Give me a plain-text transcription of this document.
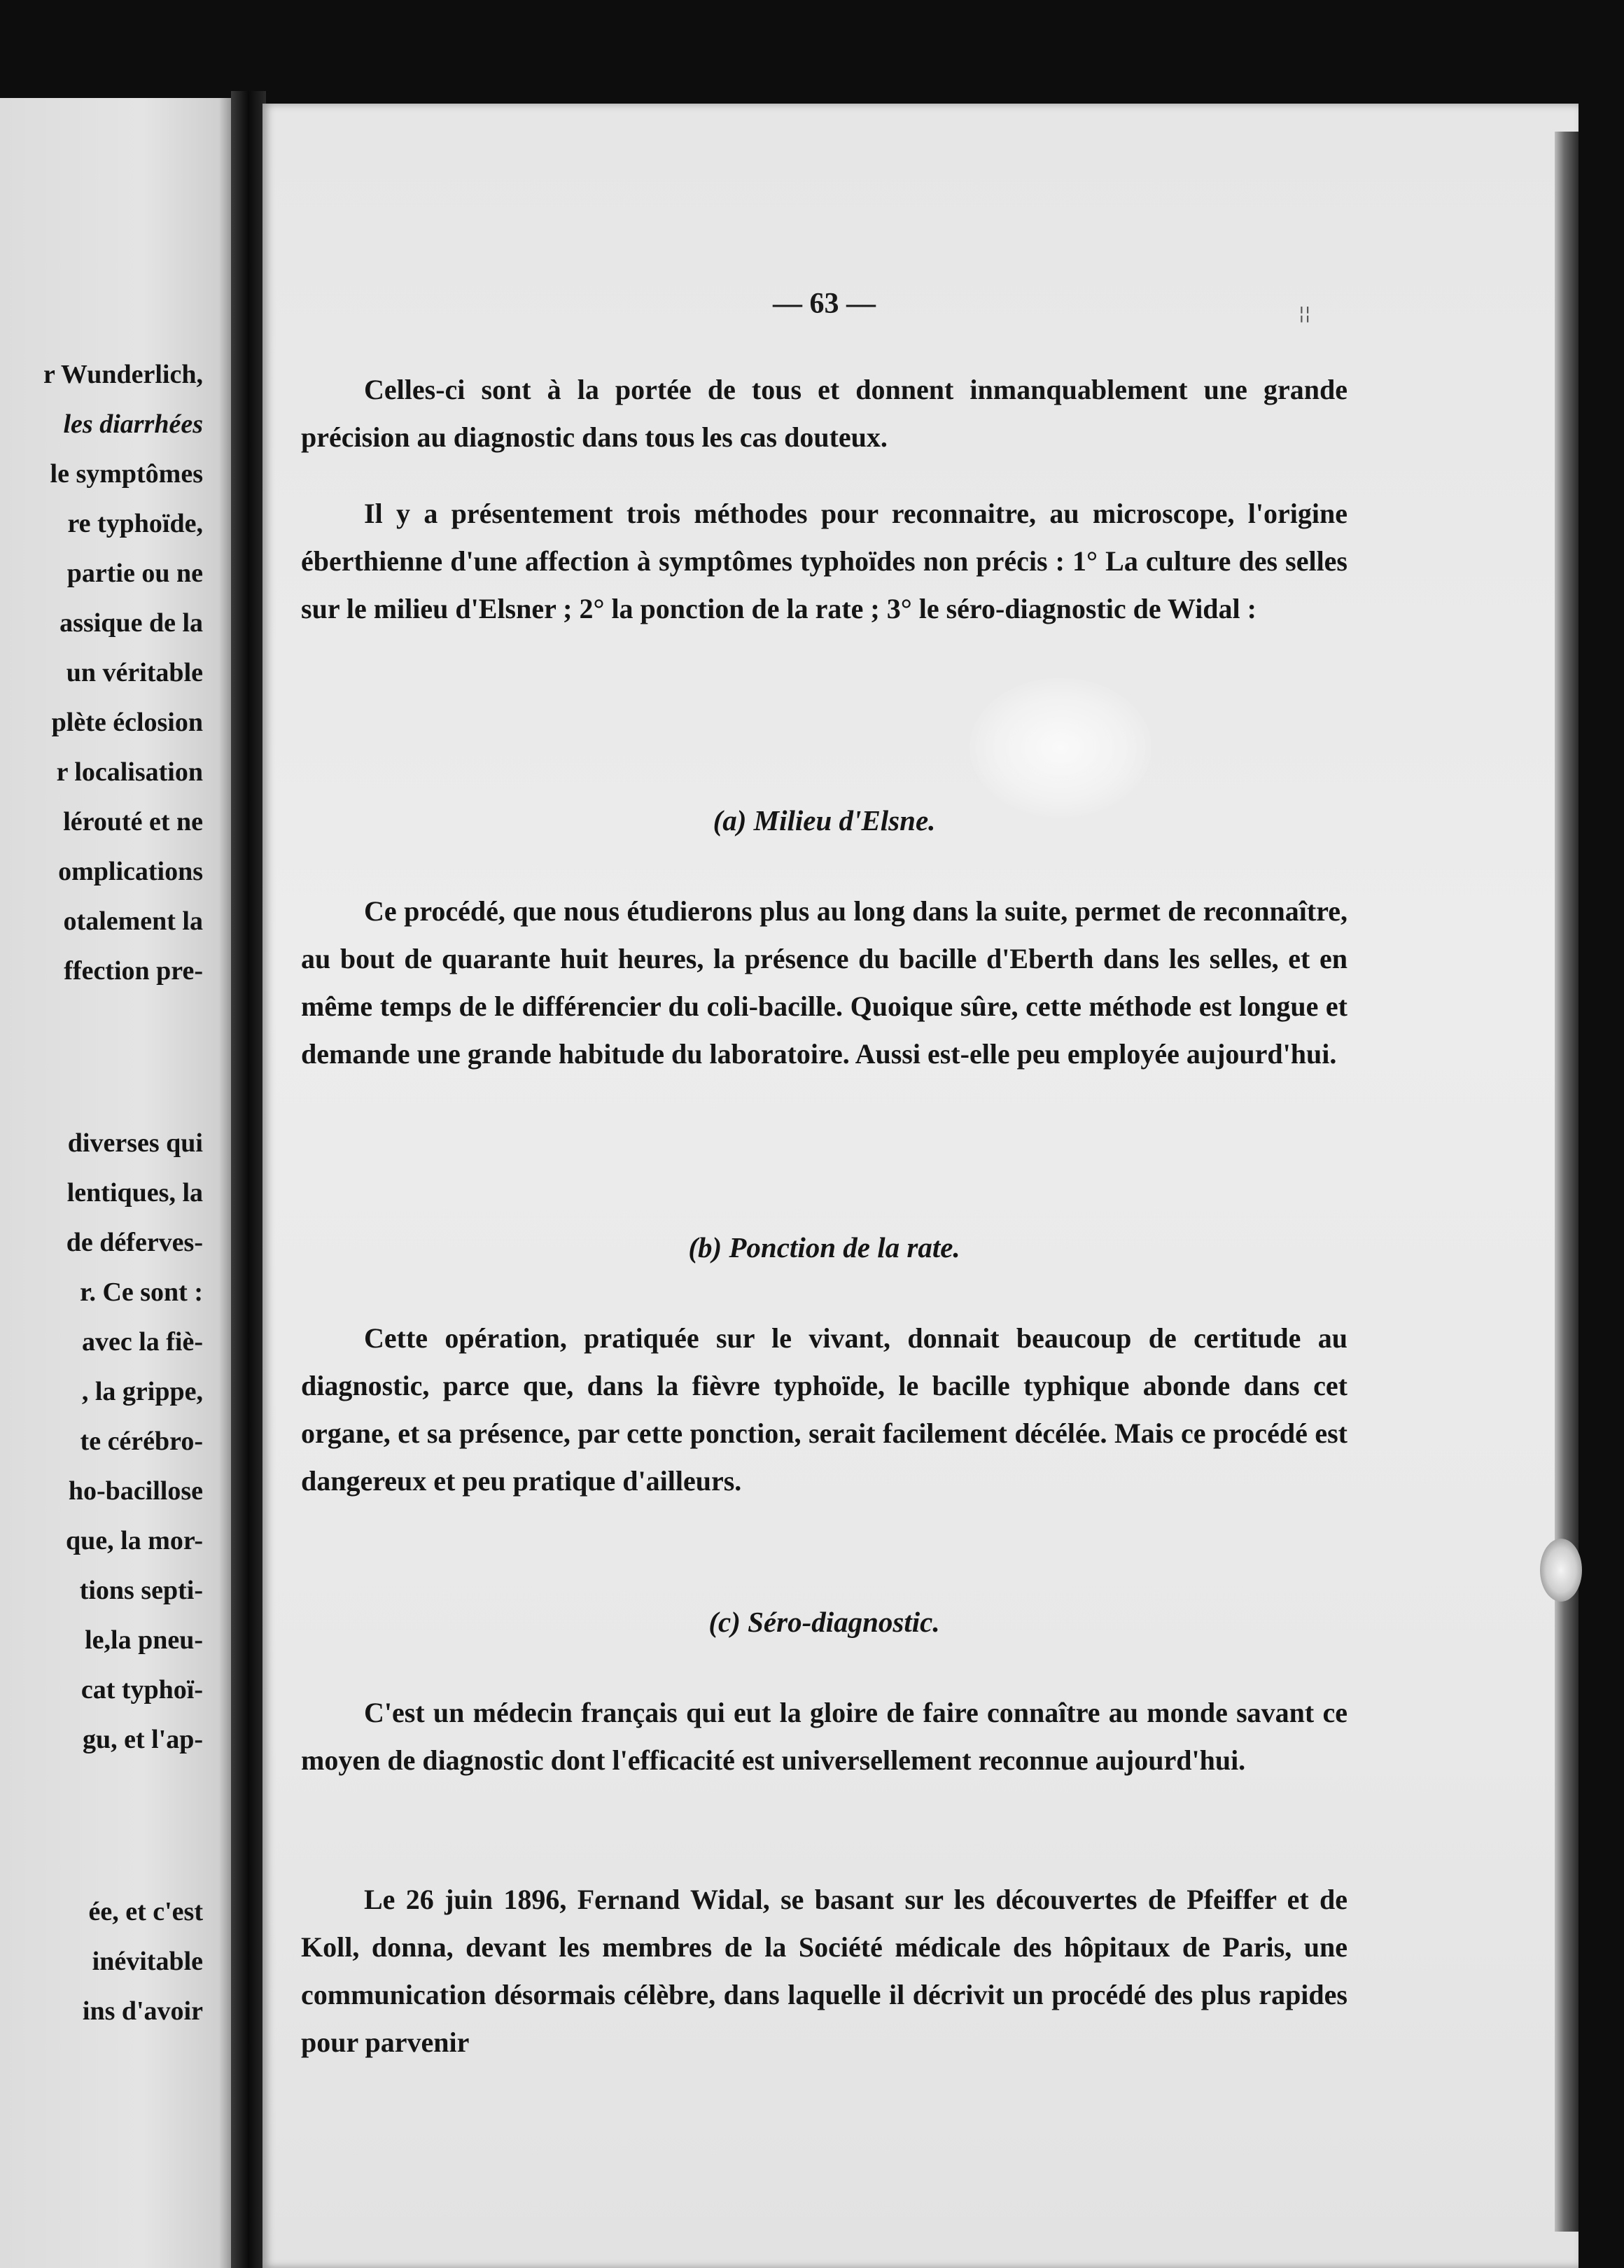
r Wunderlich,
les diarrhées
le symptômes
re typhoïde,
partie ou ne
assique de la
un véritable
plète éclosion
r localisation
lérouté et ne
omplications
otalement la
ffection pre-
diverses qui
lentiques, la
de déferves-
r. Ce sont :
avec la fiè-
, la grippe,
te cérébro-
ho-bacillose
que, la mor-
tions septi-
le,la pneu-
cat typhoï-
gu, et l'ap-
ée, et c'est
inévitable
ins d'avoir
¦¦
— 63 —
Celles-ci sont à la portée de tous et donnent inmanquablement une grande précision au diagnostic dans tous les cas douteux.
Il y a présentement trois méthodes pour reconnaitre, au microscope, l'origine éberthienne d'une affection à symptômes typhoïdes non précis : 1° La culture des selles sur le milieu d'Elsner ; 2° la ponction de la rate ; 3° le séro-diagnostic de Widal :
(a) Milieu d'Elsne.
Ce procédé, que nous étudierons plus au long dans la suite, permet de reconnaître, au bout de quarante huit heures, la présence du bacille d'Eberth dans les selles, et en même temps de le différencier du coli-bacille. Quoique sûre, cette méthode est longue et demande une grande habitude du laboratoire. Aussi est-elle peu employée aujourd'hui.
(b) Ponction de la rate.
Cette opération, pratiquée sur le vivant, donnait beaucoup de certitude au diagnostic, parce que, dans la fièvre typhoïde, le bacille typhique abonde dans cet organe, et sa présence, par cette ponction, serait facilement décélée. Mais ce procédé est dangereux et peu pratique d'ailleurs.
(c) Séro-diagnostic.
C'est un médecin français qui eut la gloire de faire connaître au monde savant ce moyen de diagnostic dont l'efficacité est universellement reconnue aujourd'hui.
Le 26 juin 1896, Fernand Widal, se basant sur les découvertes de Pfeiffer et de Koll, donna, devant les membres de la Société médicale des hôpitaux de Paris, une communication désormais célèbre, dans laquelle il décrivit un procédé des plus rapides pour parvenir
